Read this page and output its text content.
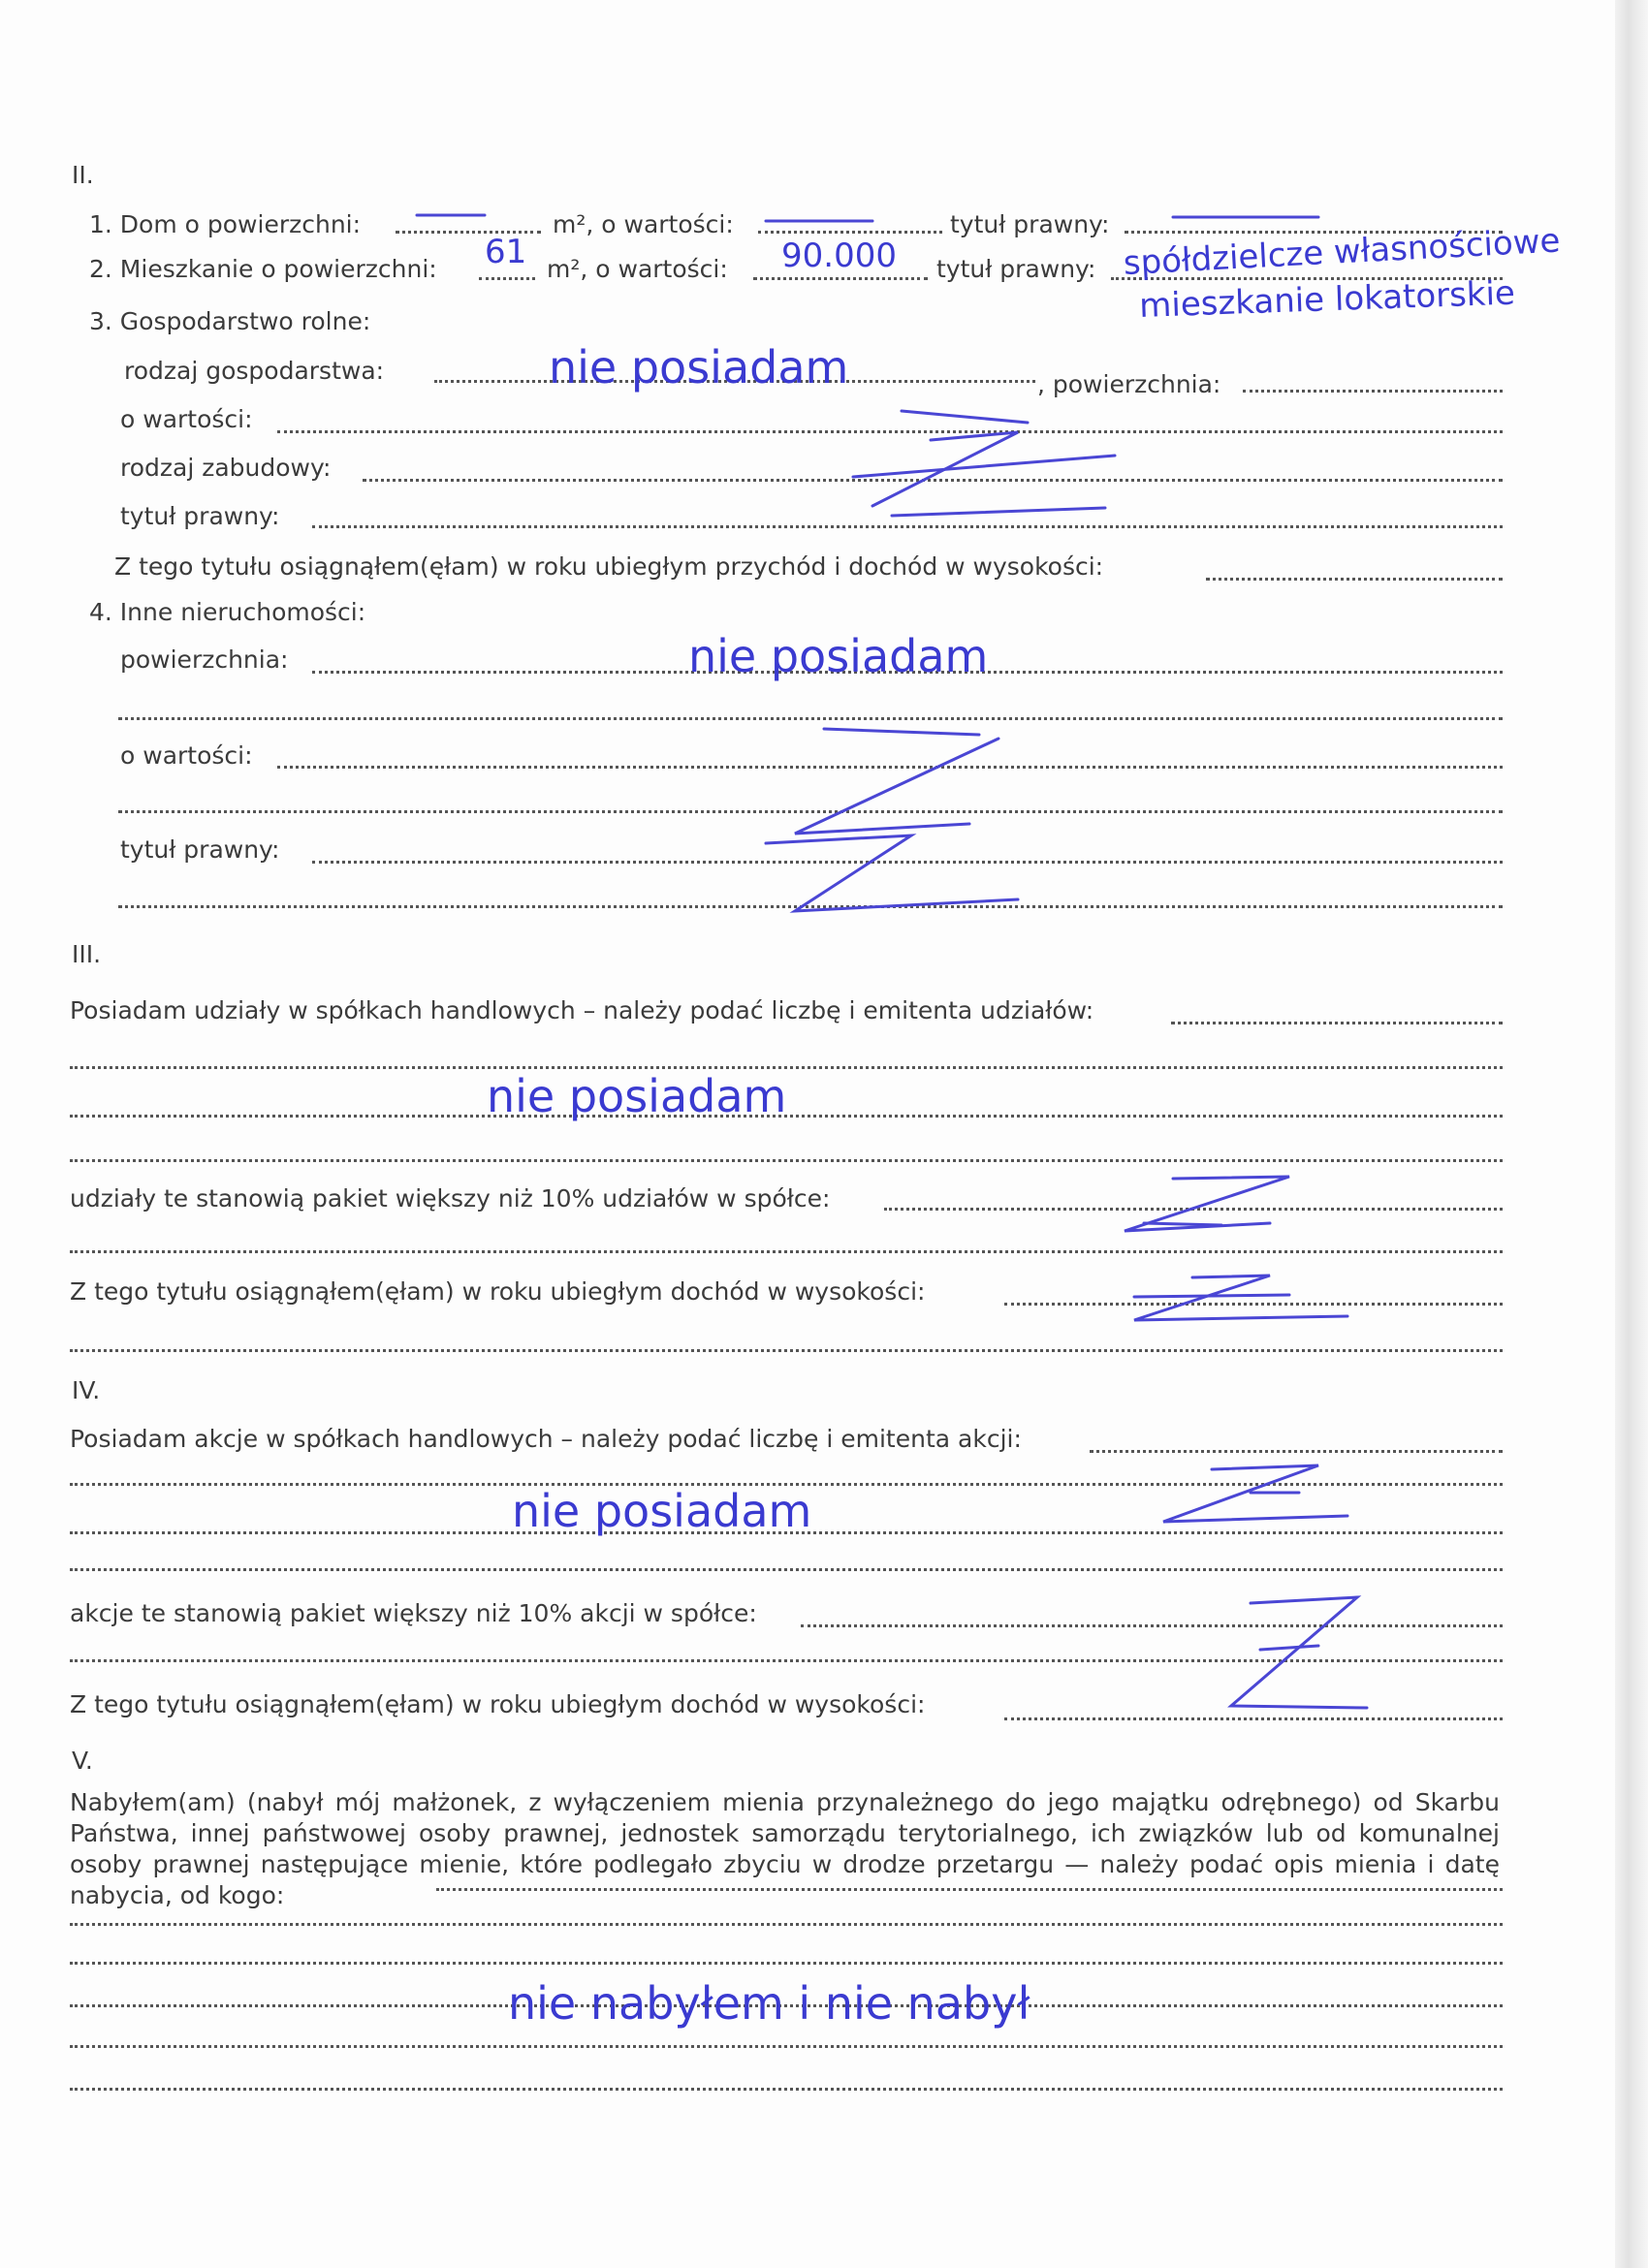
II.
1. Dom o powierzchni:	m², o wartości:	tytuł prawny:
2. Mieszkanie o powierzchni:	m², o wartości:	tytuł prawny:
3. Gospodarstwo rolne:
rodzaj gospodarstwa:	, powierzchnia:
o wartości:
rodzaj zabudowy:
tytuł prawny:
Z tego tytułu osiągnąłem(ęłam) w roku ubiegłym przychód i dochód w wysokości:
4. Inne nieruchomości:
powierzchnia:
o wartości:
tytuł prawny:
III.
Posiadam udziały w spółkach handlowych – należy podać liczbę i emitenta udziałów:
udziały te stanowią pakiet większy niż 10% udziałów w spółce:
Z tego tytułu osiągnąłem(ęłam) w roku ubiegłym dochód w wysokości:
IV.
Posiadam akcje w spółkach handlowych – należy podać liczbę i emitenta akcji:
akcje te stanowią pakiet większy niż 10% akcji w spółce:
Z tego tytułu osiągnąłem(ęłam) w roku ubiegłym dochód w wysokości:
V.
Nabyłem(am) (nabył mój małżonek, z wyłączeniem mienia przynależnego do jego majątku odrębnego) od Skarbu Państwa, innej państwowej osoby prawnej, jednostek samorządu terytorialnego, ich związków lub od komunalnej osoby prawnej następujące mienie, które podlegało zbyciu w drodze przetargu — należy podać opis mienia i datę nabycia, od kogo:
61	90.000	spółdzielcze własnościowe
mieszkanie lokatorskie
nie posiadam
nie posiadam
nie posiadam
nie posiadam
nie nabyłem i nie nabył
